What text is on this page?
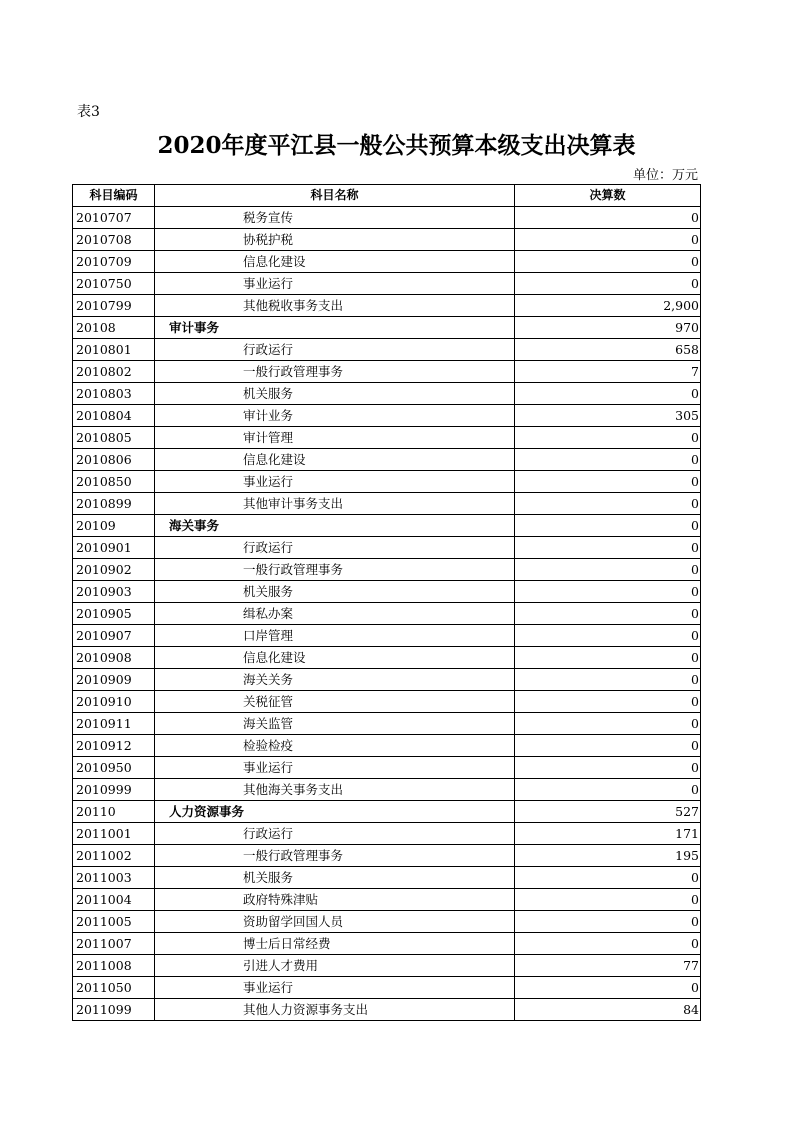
表3
2020年度平江县一般公共预算本级支出决算表
单位：万元
科目编码	科目名称	决算数
2010707	税务宣传	0
2010708	协税护税	0
2010709	信息化建设	0
2010750	事业运行	0
2010799	其他税收事务支出	2,900
20108	审计事务	970
2010801	行政运行	658
2010802	一般行政管理事务	7
2010803	机关服务	0
2010804	审计业务	305
2010805	审计管理	0
2010806	信息化建设	0
2010850	事业运行	0
2010899	其他审计事务支出	0
20109	海关事务	0
2010901	行政运行	0
2010902	一般行政管理事务	0
2010903	机关服务	0
2010905	缉私办案	0
2010907	口岸管理	0
2010908	信息化建设	0
2010909	海关关务	0
2010910	关税征管	0
2010911	海关监管	0
2010912	检验检疫	0
2010950	事业运行	0
2010999	其他海关事务支出	0
20110	人力资源事务	527
2011001	行政运行	171
2011002	一般行政管理事务	195
2011003	机关服务	0
2011004	政府特殊津贴	0
2011005	资助留学回国人员	0
2011007	博士后日常经费	0
2011008	引进人才费用	77
2011050	事业运行	0
2011099	其他人力资源事务支出	84
